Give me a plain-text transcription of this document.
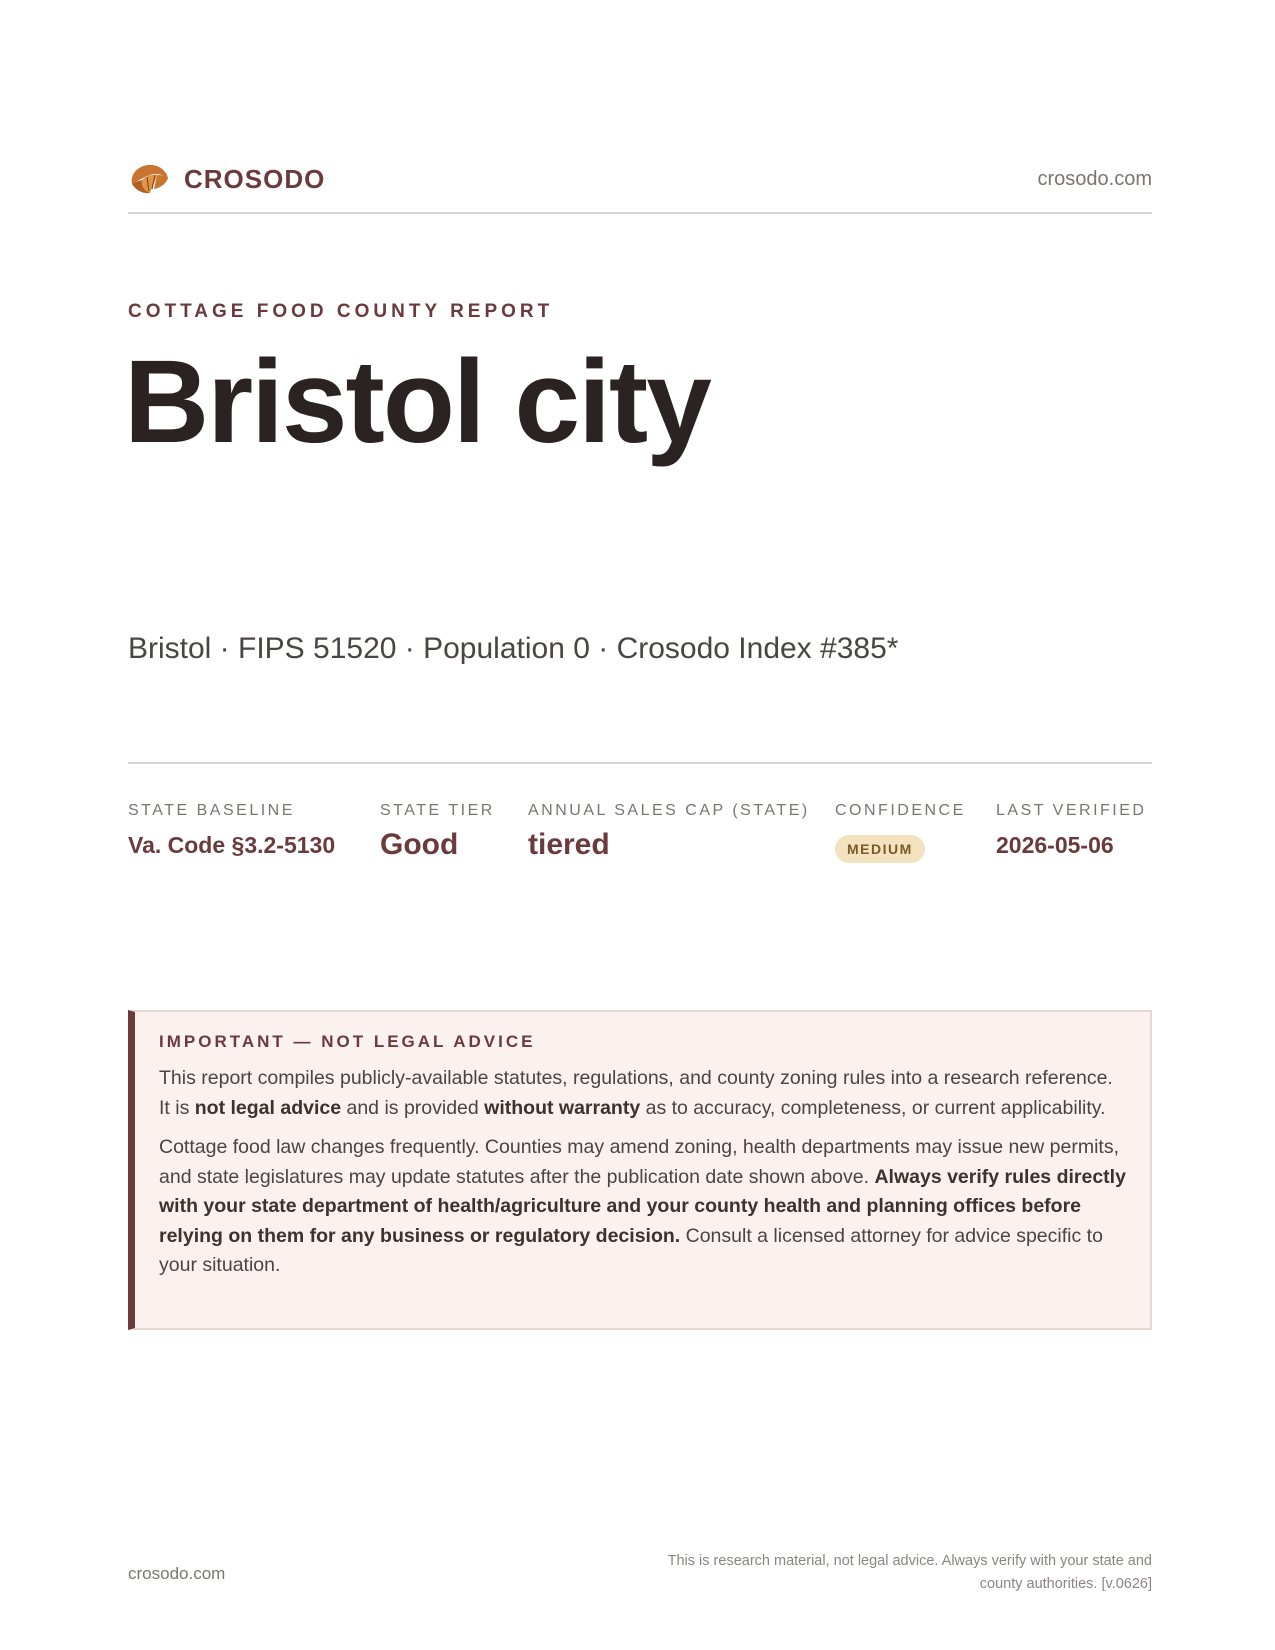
CROSODO	crosodo.com
COTTAGE FOOD COUNTY REPORT
Bristol city
Bristol · FIPS 51520 · Population 0 · Crosodo Index #385*
STATE BASELINE
Va. Code §3.2-5130
STATE TIER
Good
ANNUAL SALES CAP (STATE)
tiered
CONFIDENCE
MEDIUM
LAST VERIFIED
2026-05-06
IMPORTANT — NOT LEGAL ADVICE

This report compiles publicly-available statutes, regulations, and county zoning rules into a research reference. It is not legal advice and is provided without warranty as to accuracy, completeness, or current applicability.

Cottage food law changes frequently. Counties may amend zoning, health departments may issue new permits, and state legislatures may update statutes after the publication date shown above. Always verify rules directly with your state department of health/agriculture and your county health and planning offices before relying on them for any business or regulatory decision. Consult a licensed attorney for advice specific to your situation.

crosodo.com
This is research material, not legal advice. Always verify with your state and county authorities. [v.0626]
